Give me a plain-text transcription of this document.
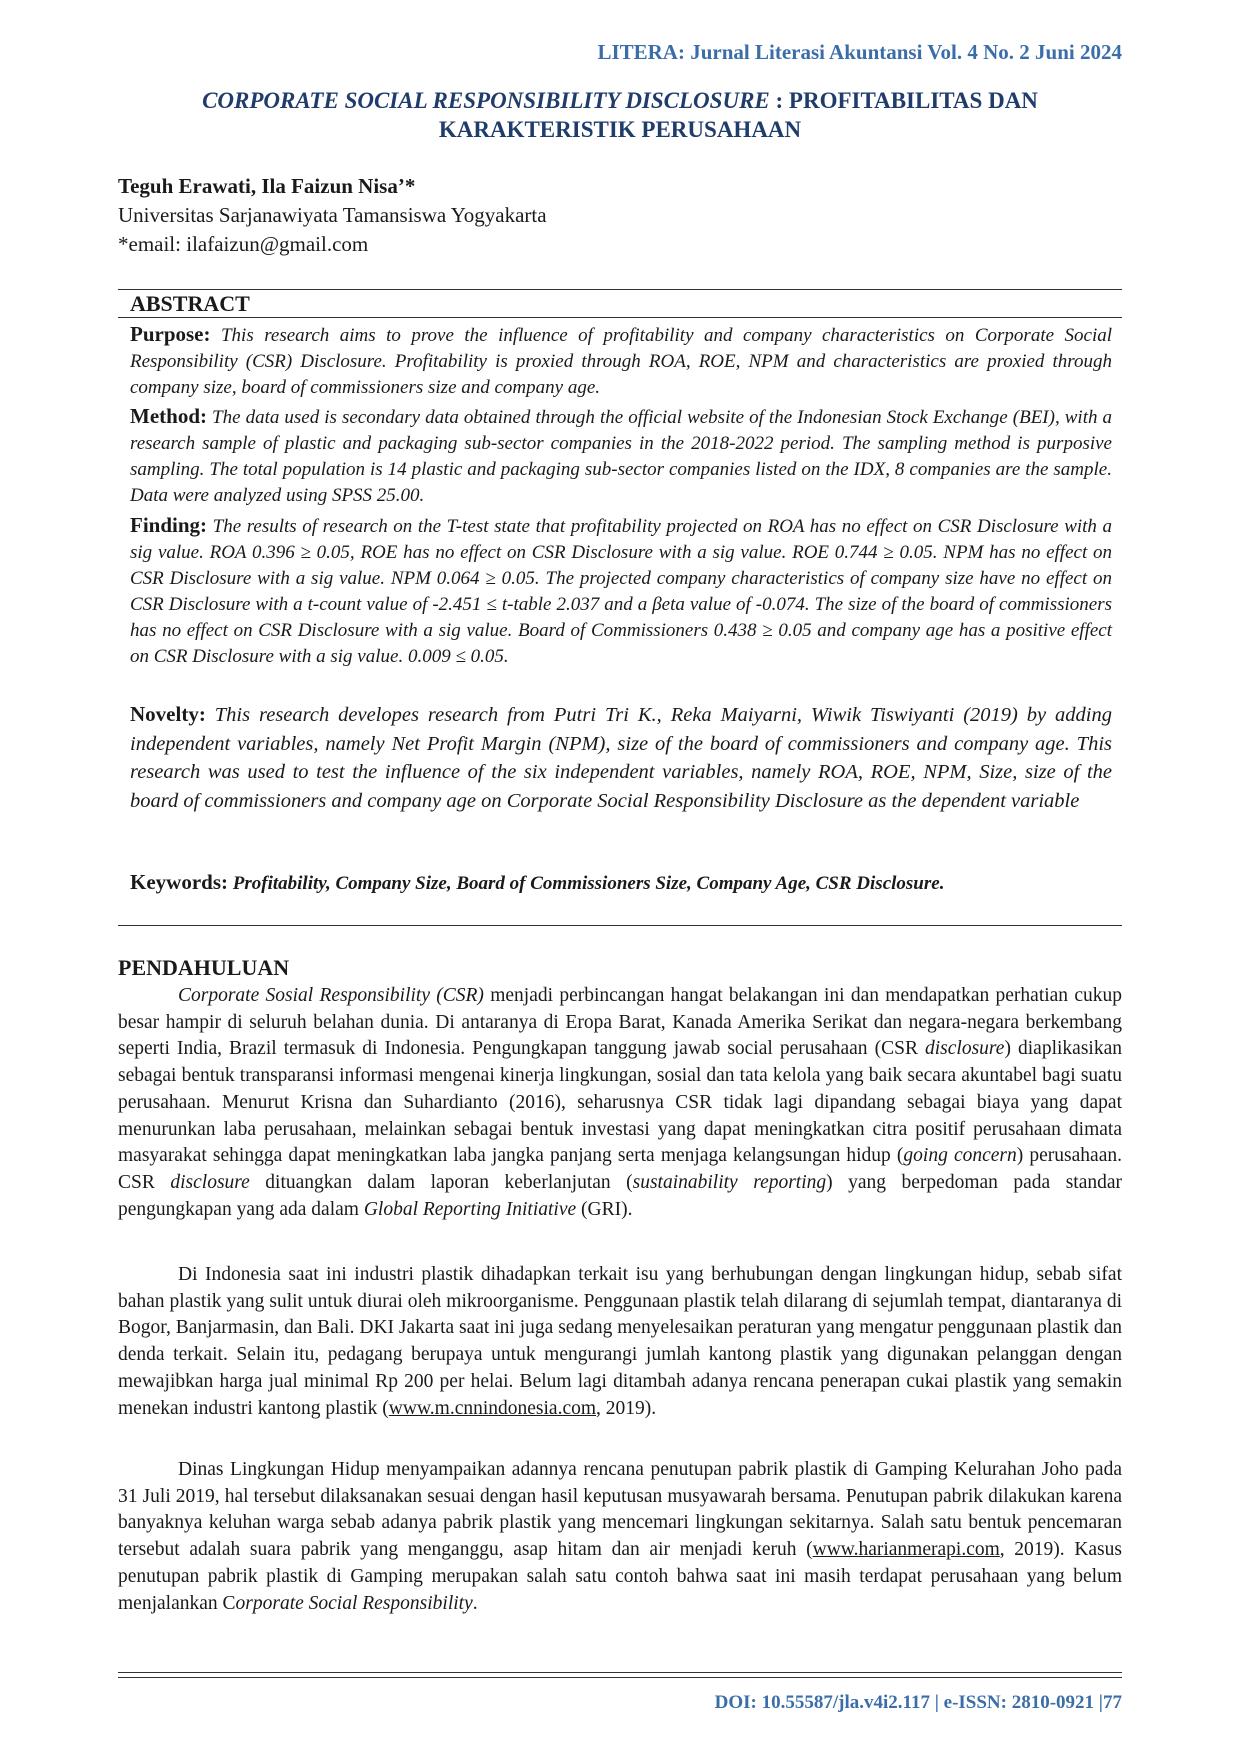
LITERA: Jurnal Literasi Akuntansi Vol. 4 No. 2 Juni 2024
CORPORATE SOCIAL RESPONSIBILITY DISCLOSURE : PROFITABILITAS DAN
KARAKTERISTIK PERUSAHAAN
Teguh Erawati, Ila Faizun Nisa’*
Universitas Sarjanawiyata Tamansiswa Yogyakarta
*email: ilafaizun@gmail.com
ABSTRACT
Purpose: This research aims to prove the influence of profitability and company characteristics on Corporate Social Responsibility (CSR) Disclosure. Profitability is proxied through ROA, ROE, NPM and characteristics are proxied through company size, board of commissioners size and company age.
Method: The data used is secondary data obtained through the official website of the Indonesian Stock Exchange (BEI), with a research sample of plastic and packaging sub-sector companies in the 2018-2022 period. The sampling method is purposive sampling. The total population is 14 plastic and packaging sub-sector companies listed on the IDX, 8 companies are the sample. Data were analyzed using SPSS 25.00.
Finding: The results of research on the T-test state that profitability projected on ROA has no effect on CSR Disclosure with a sig value. ROA 0.396 ≥ 0.05, ROE has no effect on CSR Disclosure with a sig value. ROE 0.744 ≥ 0.05. NPM has no effect on CSR Disclosure with a sig value. NPM 0.064 ≥ 0.05. The projected company characteristics of company size have no effect on CSR Disclosure with a t-count value of -2.451 ≤ t-table 2.037 and a βeta value of -0.074. The size of the board of commissioners has no effect on CSR Disclosure with a sig value. Board of Commissioners 0.438 ≥ 0.05 and company age has a positive effect on CSR Disclosure with a sig value. 0.009 ≤ 0.05.
Novelty: This research developes research from Putri Tri K., Reka Maiyarni, Wiwik Tiswiyanti (2019) by adding independent variables, namely Net Profit Margin (NPM), size of the board of commissioners and company age. This research was used to test the influence of the six independent variables, namely ROA, ROE, NPM, Size, size of the board of commissioners and company age on Corporate Social Responsibility Disclosure as the dependent variable
Keywords: Profitability, Company Size, Board of Commissioners Size, Company Age, CSR Disclosure.
PENDAHULUAN

Corporate Sosial Responsibility (CSR) menjadi perbincangan hangat belakangan ini dan mendapatkan perhatian cukup besar hampir di seluruh belahan dunia. Di antaranya di Eropa Barat, Kanada Amerika Serikat dan negara-negara berkembang seperti India, Brazil termasuk di Indonesia. Pengungkapan tanggung jawab social perusahaan (CSR disclosure) diaplikasikan sebagai bentuk transparansi informasi mengenai kinerja lingkungan, sosial dan tata kelola yang baik secara akuntabel bagi suatu perusahaan. Menurut Krisna dan Suhardianto (2016), seharusnya CSR tidak lagi dipandang sebagai biaya yang dapat menurunkan laba perusahaan, melainkan sebagai bentuk investasi yang dapat meningkatkan citra positif perusahaan dimata masyarakat sehingga dapat meningkatkan laba jangka panjang serta menjaga kelangsungan hidup (going concern) perusahaan. CSR disclosure dituangkan dalam laporan keberlanjutan (sustainability reporting) yang berpedoman pada standar pengungkapan yang ada dalam Global Reporting Initiative (GRI).

Di Indonesia saat ini industri plastik dihadapkan terkait isu yang berhubungan dengan lingkungan hidup, sebab sifat bahan plastik yang sulit untuk diurai oleh mikroorganisme. Penggunaan plastik telah dilarang di sejumlah tempat, diantaranya di Bogor, Banjarmasin, dan Bali. DKI Jakarta saat ini juga sedang menyelesaikan peraturan yang mengatur penggunaan plastik dan denda terkait. Selain itu, pedagang berupaya untuk mengurangi jumlah kantong plastik yang digunakan pelanggan dengan mewajibkan harga jual minimal Rp 200 per helai. Belum lagi ditambah adanya rencana penerapan cukai plastik yang semakin menekan industri kantong plastik (www.m.cnnindonesia.com, 2019).

Dinas Lingkungan Hidup menyampaikan adannya rencana penutupan pabrik plastik di Gamping Kelurahan Joho pada 31 Juli 2019, hal tersebut dilaksanakan sesuai dengan hasil keputusan musyawarah bersama. Penutupan pabrik dilakukan karena banyaknya keluhan warga sebab adanya pabrik plastik yang mencemari lingkungan sekitarnya. Salah satu bentuk pencemaran tersebut adalah suara pabrik yang menganggu, asap hitam dan air menjadi keruh (www.harianmerapi.com, 2019). Kasus penutupan pabrik plastik di Gamping merupakan salah satu contoh bahwa saat ini masih terdapat perusahaan yang belum menjalankan Corporate Social Responsibility.

DOI: 10.55587/jla.v4i2.117 | e-ISSN: 2810-0921 |77
